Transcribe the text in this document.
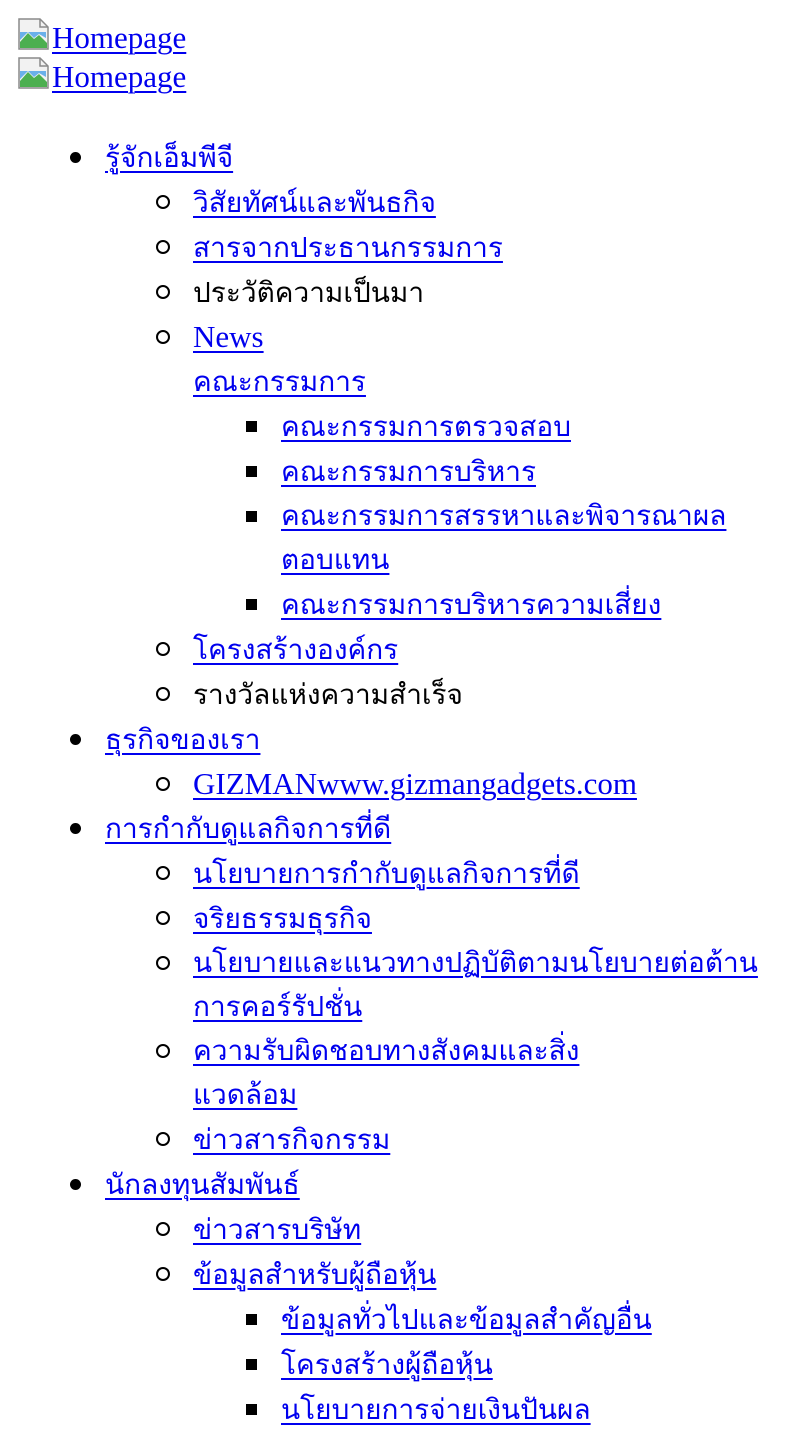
Homepage
Homepage
รู้จักเอ็มพีจี
วิสัยทัศน์และพันธกิจ
สารจากประธานกรรมการ
ประวัติความเป็นมา
News
คณะกรรมการ
คณะกรรมการตรวจสอบ
คณะกรรมการบริหาร
คณะกรรมการสรรหาและพิจารณาผลตอบแทน
คณะกรรมการบริหารความเสี่ยง
โครงสร้างองค์กร
รางวัลแห่งความสำเร็จ
ธุรกิจของเรา
GIZMANwww.gizmangadgets.com
การกำกับดูแลกิจการที่ดี
นโยบายการกำกับดูแลกิจการที่ดี
จริยธรรมธุรกิจ
นโยบายและแนวทางปฏิบัติตามนโยบายต่อต้านการคอร์รัปชั่น
ความรับผิดชอบทางสังคมและสิ่งแวดล้อม
ข่าวสารกิจกรรม
นักลงทุนสัมพันธ์
ข่าวสารบริษัท
ข้อมูลสำหรับผู้ถือหุ้น
ข้อมูลทั่วไปและข้อมูลสำคัญอื่น
โครงสร้างผู้ถือหุ้น
นโยบายการจ่ายเงินปันผล
